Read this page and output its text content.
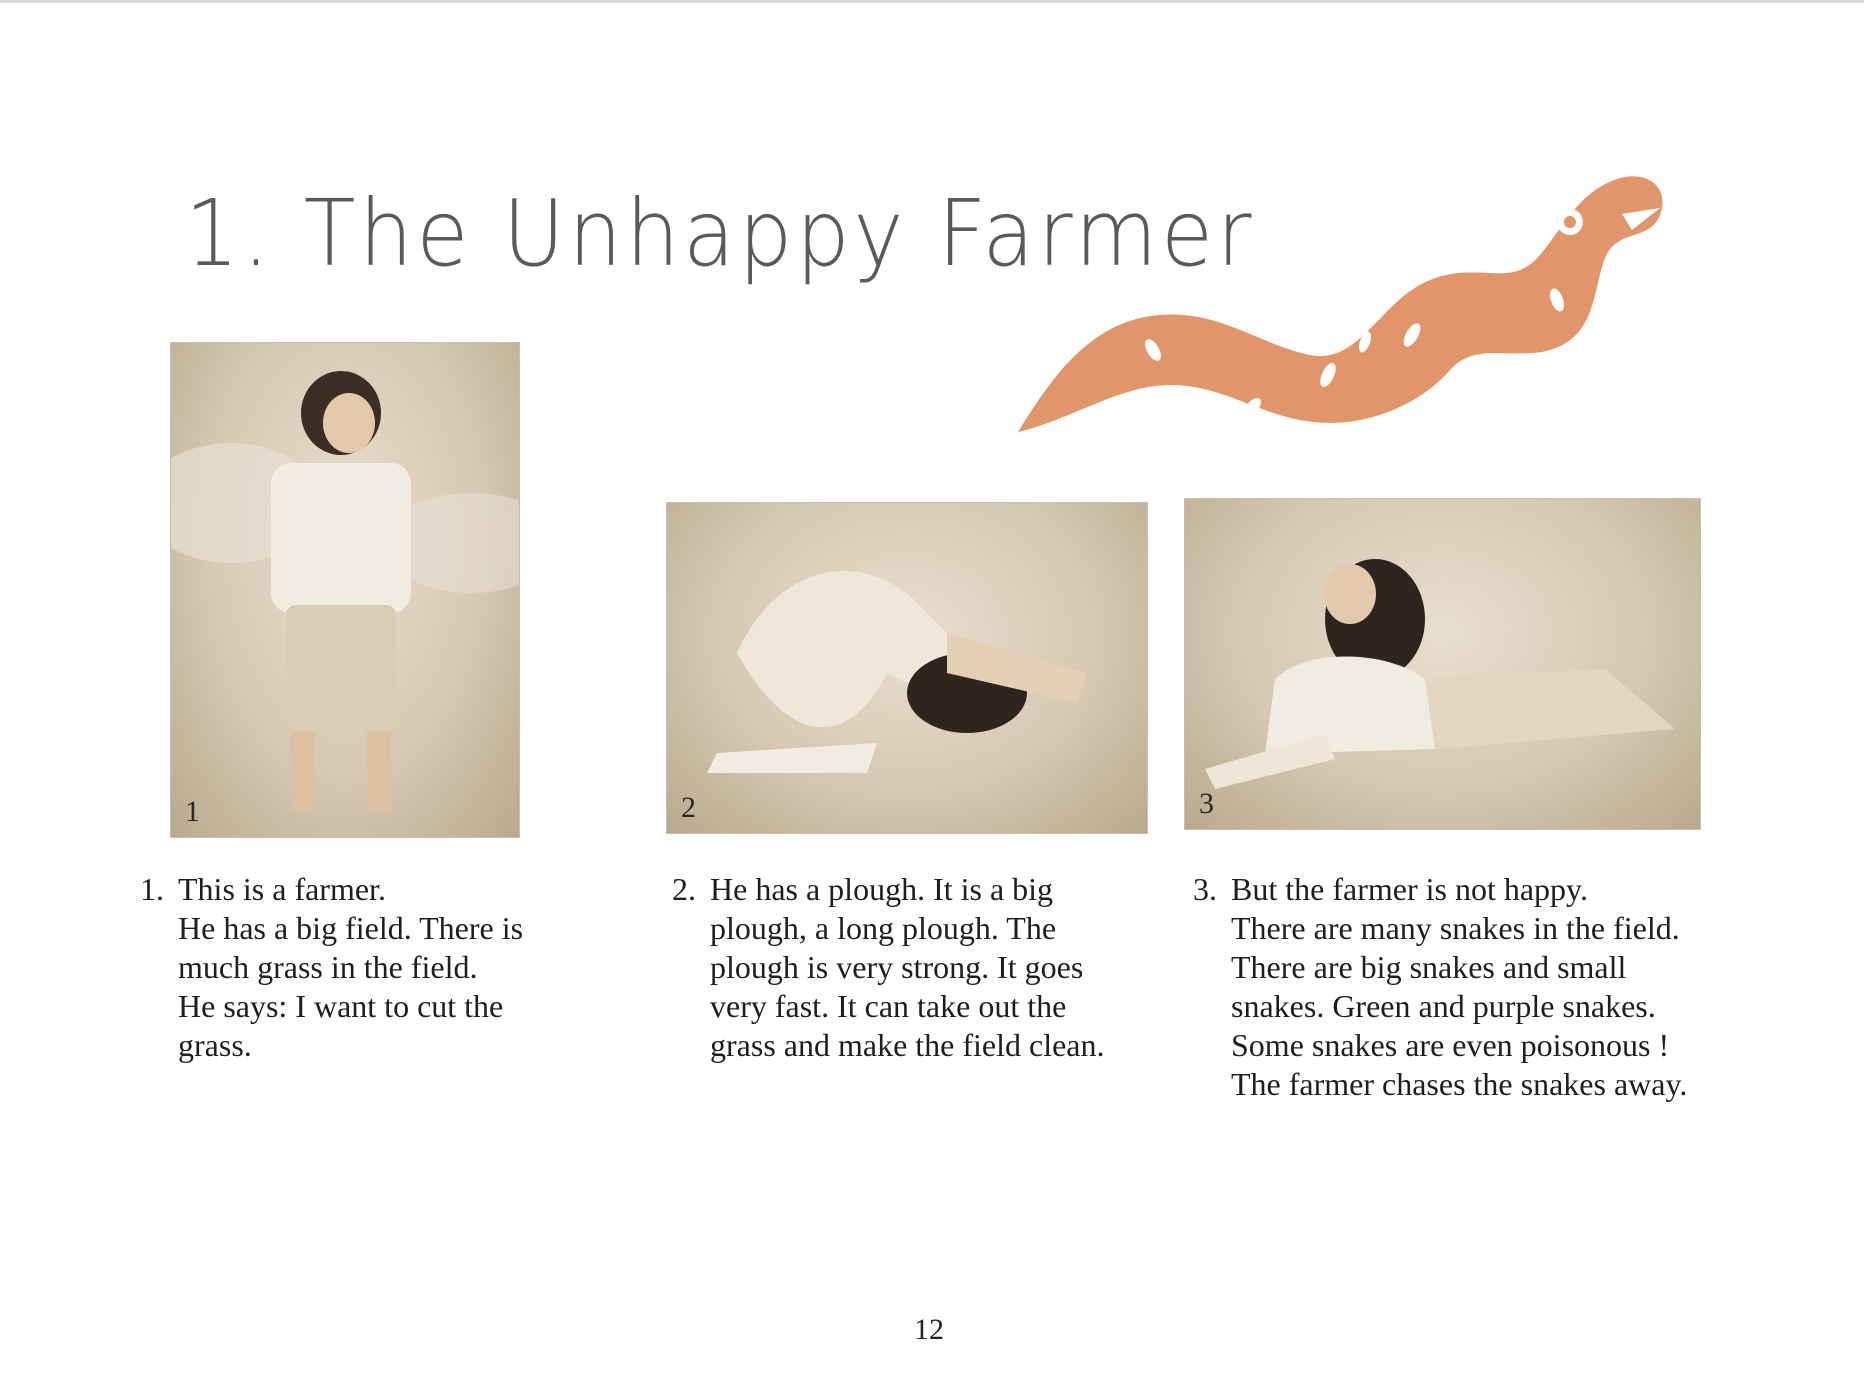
1. The Unhappy Farmer
1	2	3
1. This is a farmer.
He has a big field. There is
much grass in the field.
He says: I want to cut the
grass.
2. He has a plough. It is a big
plough, a long plough. The
plough is very strong. It goes
very fast. It can take out the
grass and make the field clean.
3. But the farmer is not happy.
There are many snakes in the field.
There are big snakes and small
snakes. Green and purple snakes.
Some snakes are even poisonous !
The farmer chases the snakes away.
12
